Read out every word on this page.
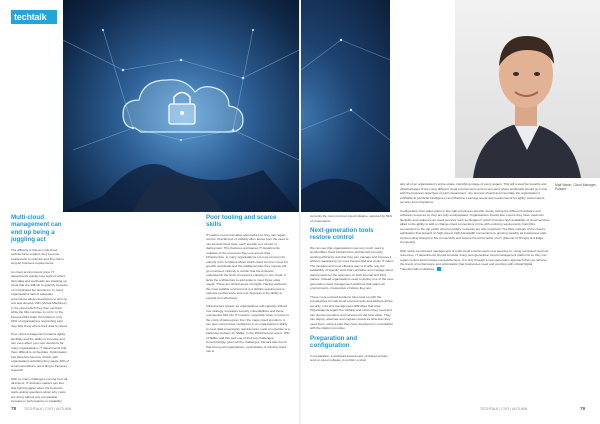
techtalk
Matt Waxin, Cloud Manager, Pulsant
Multi-cloud management can end up being a juggling act

The difficulty is that as multi-cloud architectures expand, they become problematic to optimise and they fail to support business requirements.

As cloud environments grow, IT departments quickly lose sight of where their data and workloads are stacking up costs that are difficult to quantify because of complicated fee structures. In many organisations lack of adequate governance allows developers to spin up, test and develop VMs (Virtual Machines) in the cloud which they then overlook while the bills continue to roll in. In the Flexera 2021 State Tech Report, only 34% of organisations responding said they fully know where their data is stored.

Poor cloud management impacts agility, flexibility and the ability to innovate and can even affect your own decisions for many organisations. IT departments find them difficult to orchestrate. Optimisation has therefore become critical, with organisations admitting they waste 32% of cloud expenditure, according to Flexera's research.

With so many challenges coming from all directions, IT decision-makers can feel that hybrid juggles when the business starts asking questions about why costs are rising without any comparable increase in performance or capability.

Poor tooling and scarce skills

IT leaders need innovative approaches so they can regain control. Overall loss of visibility often arises from the need to use several cloud tools, each specific to a vendor or deployment. This fractures and leaves IT departments unaware of the resources they use across their infrastructure. In many organisations it is now common for nobody to be confident about which cloud service is best for specific workloads and the additional risks they impose will go unnoticed. Nobody is certain that the business understands the limits of resource capacity in one cloud. It lacks the architecture to add scale to meet those extra needs. These are critical areas of insight. Having worked in the most suitable environment is a definite requirement to optimise performance and cost. Success is the ability to expand cost-effectively.

Infrastructure sprawl, as organisations add capacity without true strategy, increases security vulnerabilities and those unexpected bills into IT invoices, especially when it comes to the costs of data egress from the major cloud providers. It can also compromise confidence in an organisation's ability to meet data sovereignty requirements. Lack of expertise is a particular problem for SMEs. In the 2020 Flexera report, 78% of SMEs said this was one of their top challenges. Unsurprisingly, given all the challenges, Flexera also found that among all organisations, optimisation of existing cloud use is

currently the most common cloud initiative, selected by 59% of respondents.

Next-generation tools restore control

We can see that organisations now very much need a simpler/fitter cloud infrastructure architected correctly, working efficiently and that they can manage and improve it without reassigning yet more hard-to-find and costly IT talent. The simplest and most effective way is to able only the availability of specific tools that centralise and manage cloud deployments for the spanners on both internal and third parties. Instead organisations need to deploy one of the next-generation cloud management platforms that spans all environments, irrespective of where they are.

These more evolved solutions have kept up with the complexities of multi-cloud environments and address all the security, cost and management difficulties that arise. Organisations regain the visibility and control they need and can choose providers and services for the best value. They can deploy, alternate and migrate resources wherever they need them, using a plan they have developed in consultation with the platform provider.

Preparation and configuration

In preparation, a workload assessment of shared employ tend on cloud software to perform a short

ially all of an organisation's entire estate, identifying usage of every aspect. This will reveal the benefits and disadvantages of the many different cloud environments and recommend where workloads should go in line with the business objectives of each department - the process should accommodate the organisation's profitable AI (Artificial Intelligence) and Machine Learning needs and requirements for agility, performance, security and compliance.

Configuration then takes place in line with a business-specific needs, tuning the different hardware and software resources so they are fully encapsulated. Organisations should also ensure they have maximum flexibility and resilience as cloud services such as Megaport, which provides high availability of cloud services allied to the ability to add or change cloud connections in line with evolving requirements. Fast fibre connections to the top public cloud providers' networks are also important. The fibre network of the cloud's application that depend on high-speed, high-bandwidth connections to growing steadily as businesses start implementing thought to 5G connectivity and require the full benefits of IoT (Internet of Things) and Edge Computing.

With newly-constructed management of multi-cloud environments now keeping on, using computers and lost resources, IT departments should consider using next-generation cloud management platforms so they can regain control and increase competitiveness. It is only through a next-generation approach that you achieve the levels of performance and optimisation that businesses need and combine with critical Digital Transformation initiatives.

78 TECHTALK | CXO | AUTUMN	TECHTALK | CXO | AUTUMN	79
